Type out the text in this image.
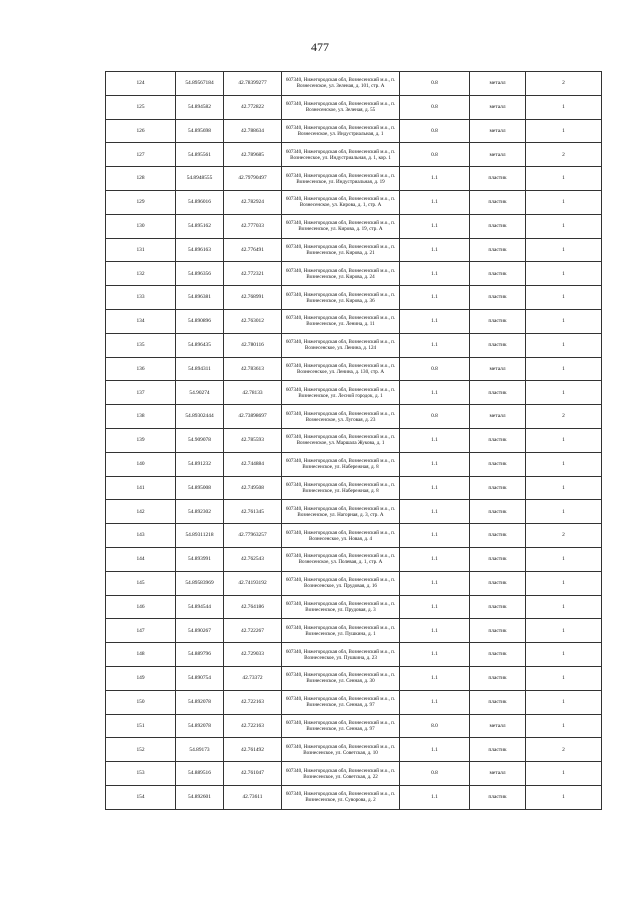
477
124	54.89567184	42.78399277	607340, Нижегородская обл, Вознесенский м.о., п. Вознесенское, ул. Зеленая, д. 101, стр. А	0.8	металл	2
125	54.894582	42.772822	607340, Нижегородская обл, Вознесенский м.о., п. Вознесенское, ул. Зеленая, д. 55	0.8	металл	1
126	54.895698	42.788634	607340, Нижегородская обл, Вознесенский м.о., п. Вознесенское, ул. Индустриальная, д. 1	0.8	металл	1
127	54.895561	42.789685	607340, Нижегородская обл, Вознесенский м.о., п. Вознесенское, ул. Индустриальная, д. 1, кор. 1	0.8	металл	2
128	54.8948555	42.79790497	607340, Нижегородская обл, Вознесенский м.о., п. Вознесенское, ул. Индустриальная, д. 19	1.1	пластик	1
129	54.896016	42.782924	607340, Нижегородская обл, Вознесенский м.о., п. Вознесенское, ул. Кирова, д. 1, стр. А	1.1	пластик	1
130	54.895162	42.777033	607340, Нижегородская обл, Вознесенский м.о., п. Вознесенское, ул. Кирова, д. 19, стр. А	1.1	пластик	1
131	54.896163	42.776491	607340, Нижегородская обл, Вознесенский м.о., п. Вознесенское, ул. Кирова, д. 21	1.1	пластик	1
132	54.896356	42.772321	607340, Нижегородская обл, Вознесенский м.о., п. Вознесенское, ул. Кирова, д. 24	1.1	пластик	1
133	54.896381	42.768991	607340, Нижегородская обл, Вознесенский м.о., п. Вознесенское, ул. Кирова, д. 36	1.1	пластик	1
134	54.890896	42.763012	607340, Нижегородская обл, Вознесенский м.о., п. Вознесенское, ул. Ленина, д. 11	1.1	пластик	1
135	54.896435	42.780116	607340, Нижегородская обл, Вознесенский м.о., п. Вознесенское, ул. Ленина, д. 124	1.1	пластик	1
136	54.894311	42.783613	607340, Нижегородская обл, Вознесенский м.о., п. Вознесенское, ул. Ленина, д. 130, стр. А	0.8	металл	1
137	54.90274	42.78133	607340, Нижегородская обл, Вознесенский м.о., п. Вознесенское, ул. Лесной городок, д. 1	1.1	пластик	1
138	54.89302444	42.73898697	607340, Нижегородская обл, Вознесенский м.о., п. Вознесенское, ул. Луговая, д. 23	0.8	металл	2
139	54.909078	42.785593	607340, Нижегородская обл, Вознесенский м.о., п. Вознесенское, ул. Маршала Жукова, д. 1	1.1	пластик	1
140	54.891232	42.744884	607340, Нижегородская обл, Вознесенский м.о., п. Вознесенское, ул. Набережная, д. 8	1.1	пластик	1
141	54.895008	42.749508	607340, Нижегородская обл, Вознесенский м.о., п. Вознесенское, ул. Набережная, д. 8	1.1	пластик	1
142	54.892302	42.761345	607340, Нижегородская обл, Вознесенский м.о., п. Вознесенское, ул. Нагорная, д. 3, стр. А	1.1	пластик	1
143	54.89311218	42.77963257	607340, Нижегородская обл, Вознесенский м.о., п. Вознесенское, ул. Новая, д. 4	1.1	пластик	2
144	54.893991	42.762543	607340, Нижегородская обл, Вознесенский м.о., п. Вознесенское, ул. Полевая, д. 1, стр. А	1.1	пластик	1
145	54.89583969	42.74193192	607340, Нижегородская обл, Вознесенский м.о., п. Вознесенское, ул. Прудовая, д. 16	1.1	пластик	1
146	54.894544	42.764186	607340, Нижегородская обл, Вознесенский м.о., п. Вознесенское, ул. Прудовая, д. 3	1.1	пластик	1
147	54.890267	42.722267	607340, Нижегородская обл, Вознесенский м.о., п. Вознесенское, ул. Пушкина, д. 1	1.1	пластик	1
148	54.889796	42.729033	607340, Нижегородская обл, Вознесенский м.о., п. Вознесенское, ул. Пушкина, д. 23	1.1	пластик	1
149	54.890754	42.73372	607340, Нижегородская обл, Вознесенский м.о., п. Вознесенское, ул. Сенная, д. 30	1.1	пластик	1
150	54.892078	42.722163	607340, Нижегородская обл, Вознесенский м.о., п. Вознесенское, ул. Сенная, д. 97	1.1	пластик	1
151	54.892078	42.722163	607340, Нижегородская обл, Вознесенский м.о., п. Вознесенское, ул. Сенная, д. 97	8.0	металл	1
152	54.89173	42.761492	607340, Нижегородская обл, Вознесенский м.о., п. Вознесенское, ул. Советская, д. 10	1.1	пластик	2
153	54.889516	42.761047	607340, Нижегородская обл, Вознесенский м.о., п. Вознесенское, ул. Советская, д. 22	0.8	металл	1
154	54.892601	42.73611	607340, Нижегородская обл, Вознесенский м.о., п. Вознесенское, ул. Суворова, д. 2	1.1	пластик	1
